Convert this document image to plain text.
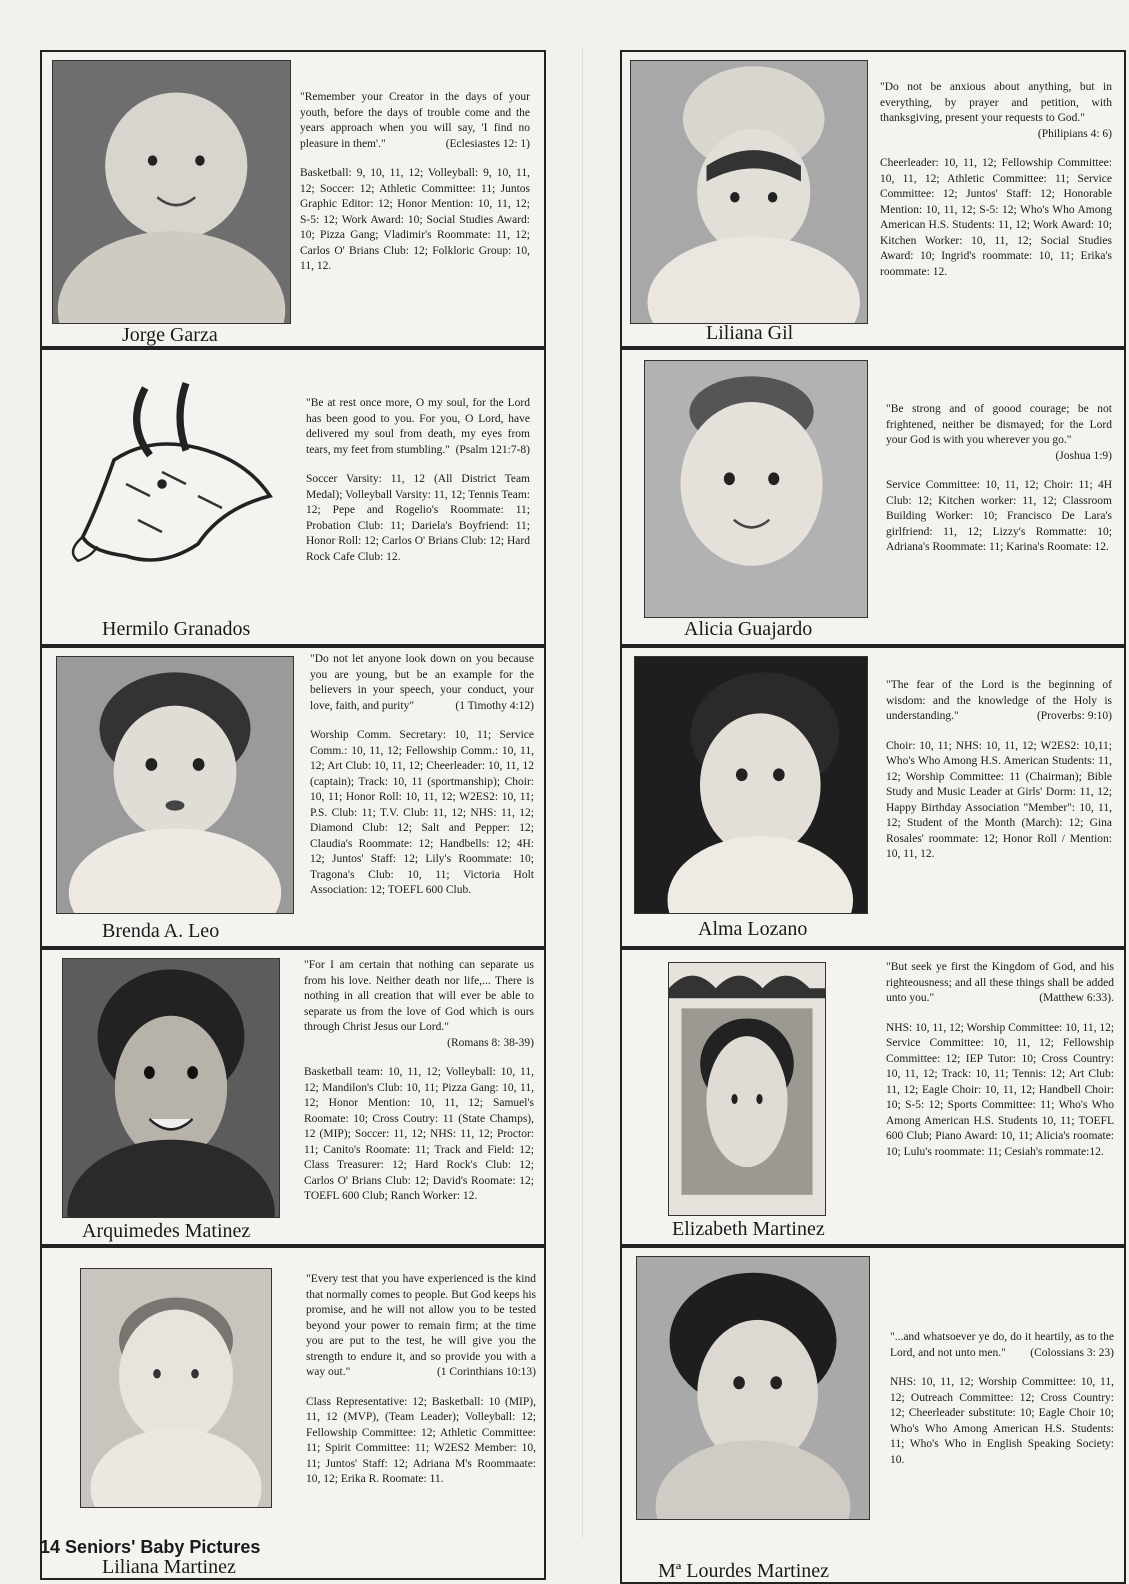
Jorge Garza

"Remember your Creator in the days of your youth, before the days of trouble come and the years approach when you will say, 'I find no pleasure in them'."	(Eclesiastes 12: 1)

Basketball: 9, 10, 11, 12; Volleyball: 9, 10, 11, 12; Soccer: 12; Athletic Committee: 11; Juntos Graphic Editor: 12; Honor Mention: 10, 11, 12; S-5: 12; Work Award: 10; Social Studies Award: 10; Pizza Gang; Vladimir's Roommate: 11, 12; Carlos O' Brians Club: 12; Folkloric Group: 10, 11, 12.

Hermilo Granados

"Be at rest once more, O my soul, for the Lord has been good to you. For you, O Lord, have delivered my soul from death, my eyes from tears, my feet from stumbling." (Psalm 121:7-8)

Soccer Varsity: 11, 12 (All District Team Medal); Volleyball Varsity: 11, 12; Tennis Team: 12; Pepe and Rogelio's Roommate: 11; Probation Club: 11; Dariela's Boyfriend: 11; Honor Roll: 12; Carlos O' Brians Club: 12; Hard Rock Cafe Club: 12.

Brenda A. Leo

"Do not let anyone look down on you because you are young, but be an example for the believers in your speech, your conduct, your love, faith, and purity"	(1 Timothy 4:12)

Worship Comm. Secretary: 10, 11; Service Comm.: 10, 11, 12; Fellowship Comm.: 10, 11, 12; Art Club: 10, 11, 12; Cheerleader: 10, 11, 12 (captain); Track: 10, 11 (sportmanship); Choir: 10, 11; Honor Roll: 10, 11, 12; W2ES2: 10, 11; P.S. Club: 11; T.V. Club: 11, 12; NHS: 11, 12; Diamond Club: 12; Salt and Pepper: 12; Claudia's Roommate: 12; Handbells: 12; 4H: 12; Juntos' Staff: 12; Lily's Roommate: 10; Tragona's Club: 10, 11; Victoria Holt Association: 12; TOEFL 600 Club.

Arquimedes Matinez

"For I am certain that nothing can separate us from his love. Neither death nor life,... There is nothing in all creation that will ever be able to separate us from the love of God which is ours through Christ Jesus our Lord."
(Romans 8: 38-39)

Basketball team: 10, 11, 12; Volleyball: 10, 11, 12; Mandilon's Club: 10, 11; Pizza Gang: 10, 11, 12; Honor Mention: 10, 11, 12; Samuel's Roomate: 10; Cross Coutry: 11 (State Champs), 12 (MIP); Soccer: 11, 12; NHS: 11, 12; Proctor: 11; Canito's Roomate: 11; Track and Field: 12; Class Treasurer: 12; Hard Rock's Club: 12; Carlos O' Brians Club: 12; David's Roomate: 12; TOEFL 600 Club; Ranch Worker: 12.

Liliana Martinez

"Every test that you have experienced is the kind that normally comes to people. But God keeps his promise, and he will not allow you to be tested beyond your power to remain firm; at the time you are put to the test, he will give you the strength to endure it, and so provide you with a way out."	(1 Corinthians 10:13)

Class Representative: 12; Basketball: 10 (MIP), 11, 12 (MVP), (Team Leader); Volleyball: 12; Fellowship Committee: 12; Athletic Committee: 11; Spirit Committee: 11; W2ES2 Member: 10, 11; Juntos' Staff: 12; Adriana M's Roommaate: 10, 12; Erika R. Roomate: 11.

Liliana Gil

"Do not be anxious about anything, but in everything, by prayer and petition, with thanksgiving, present your requests to God."
(Philipians 4: 6)

Cheerleader: 10, 11, 12; Fellowship Committee: 10, 11, 12; Athletic Committee: 11; Service Committee: 12; Juntos' Staff: 12; Honorable Mention: 10, 11, 12; S-5: 12; Who's Who Among American H.S. Students: 11, 12; Work Award: 10; Kitchen Worker: 10, 11, 12; Social Studies Award: 10; Ingrid's roommate: 10, 11; Erika's roommate: 12.

Alicia Guajardo

"Be strong and of goood courage; be not frightened, neither be dismayed; for the Lord your God is with you wherever you go."
(Joshua 1:9)

Service Committee: 10, 11, 12; Choir: 11; 4H Club: 12; Kitchen worker: 11, 12; Classroom Building Worker: 10; Francisco De Lara's girlfriend: 11, 12; Lizzy's Rommatte: 10; Adriana's Roommate: 11; Karina's Roomate: 12.

Alma Lozano

"The fear of the Lord is the beginning of wisdom: and the knowledge of the Holy is understanding."	(Proverbs: 9:10)

Choir: 10, 11; NHS: 10, 11, 12; W2ES2: 10,11; Who's Who Among H.S. American Students: 11, 12; Worship Committee: 11 (Chairman); Bible Study and Music Leader at Girls' Dorm: 11, 12; Happy Birthday Association "Member": 10, 11, 12; Student of the Month (March): 12; Gina Rosales' roommate: 12; Honor Roll / Mention: 10, 11, 12.

Elizabeth Martinez

"But seek ye first the Kingdom of God, and his righteousness; and all these things shall be added unto you."	(Matthew 6:33).

NHS: 10, 11, 12; Worship Committee: 10, 11, 12; Service Committee: 10, 11, 12; Fellowship Committee: 12; IEP Tutor: 10; Cross Country: 10, 11, 12; Track: 10, 11; Tennis: 12; Art Club: 11, 12; Eagle Choir: 10, 11, 12; Handbell Choir: 10; S-5: 12; Sports Committee: 11; Who's Who Among American H.S. Students 10, 11; TOEFL 600 Club; Piano Award: 10, 11; Alicia's roomate: 10; Lulu's roommate: 11; Cesiah's rommate:12.

Mª Lourdes Martinez

"...and whatsoever ye do, do it heartily, as to the Lord, and not unto men." (Colossians 3: 23)

NHS: 10, 11, 12; Worship Committee: 10, 11, 12; Outreach Committee: 12; Cross Country: 12; Cheerleader substitute: 10; Eagle Choir 10; Who's Who Among American H.S. Students: 11; Who's Who in English Speaking Society: 10.

14 Seniors' Baby Pictures
